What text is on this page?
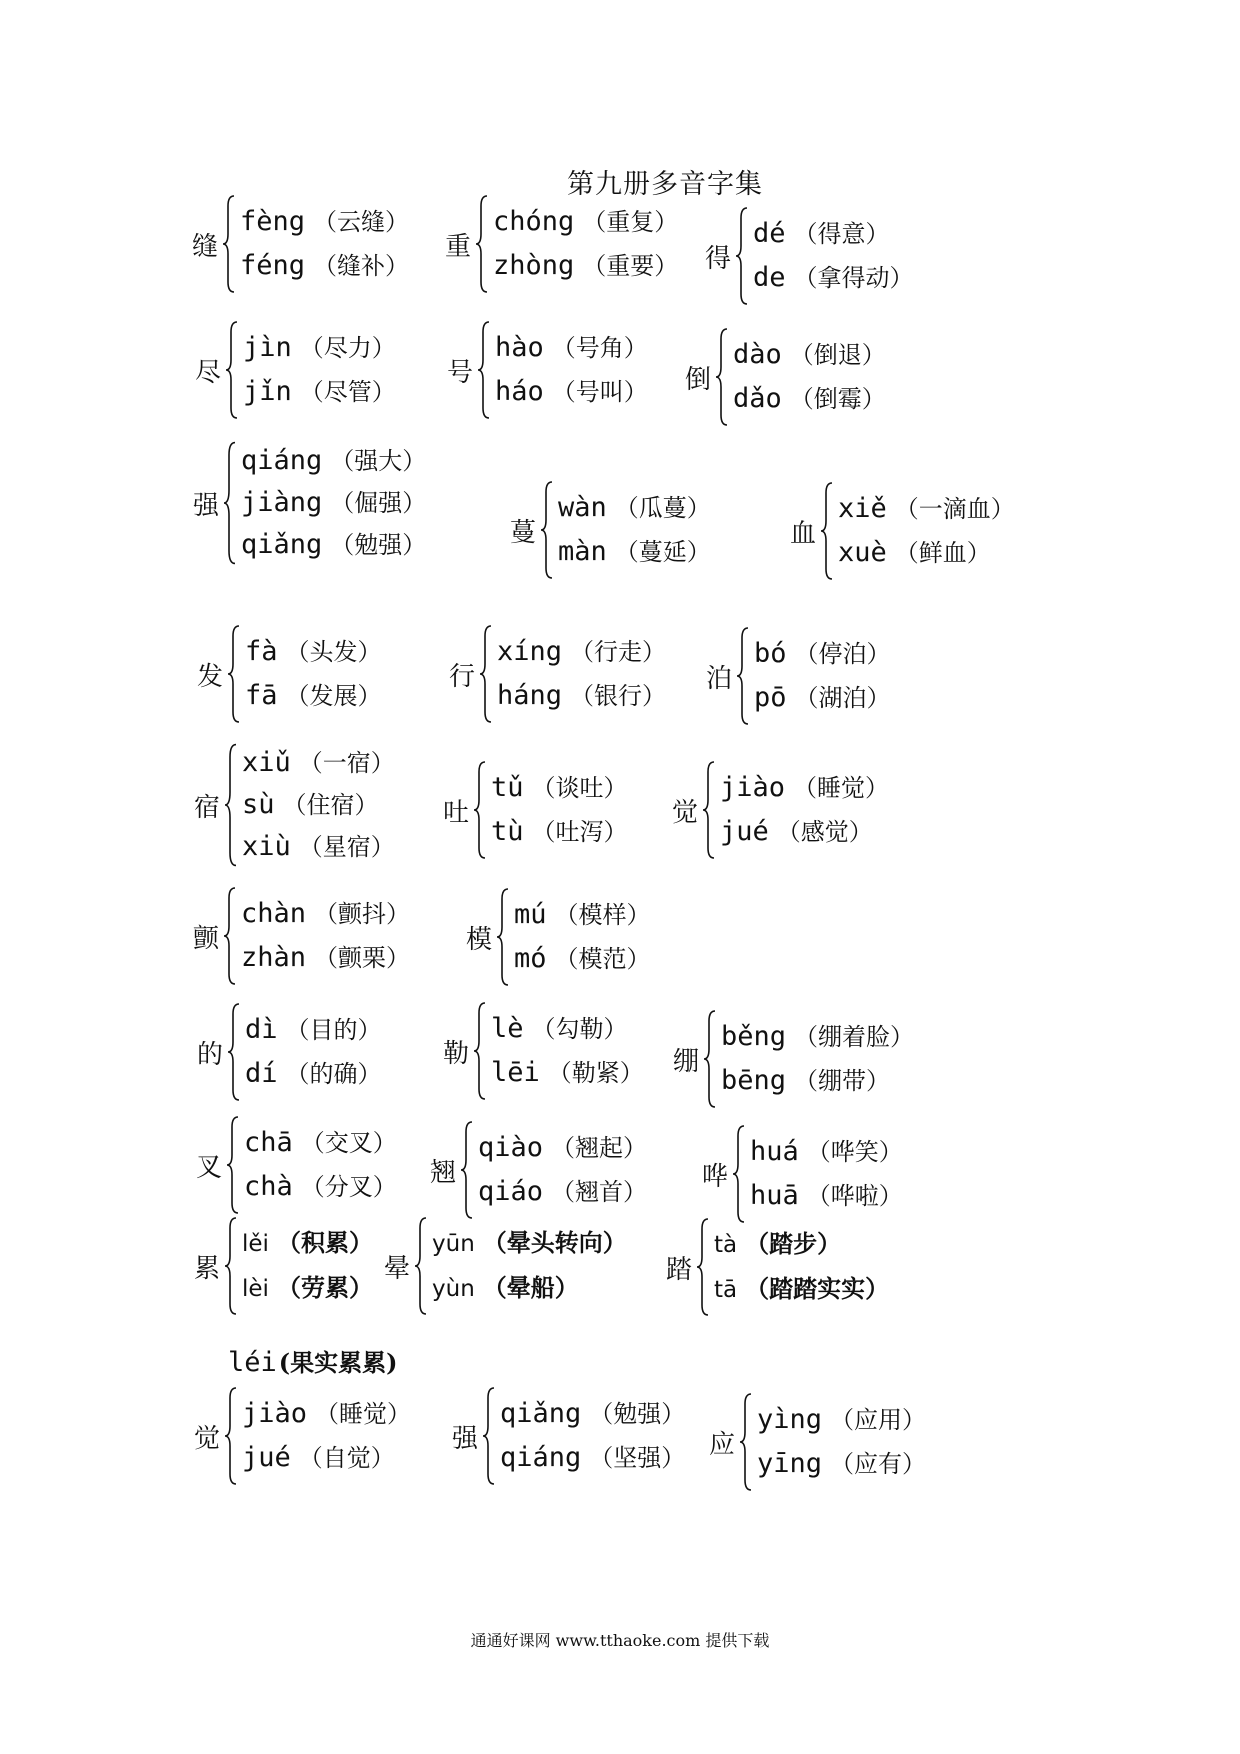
第九册多音字集
缝
fèng （云缝）
féng （缝补）
重
chóng （重复）
zhòng （重要） 得
dé （得意）
de （拿得动）
尽
jìn （尽力）
jǐn （尽管）
号
hào （号角）
háo （号叫） 倒
dào （倒退）
dǎo （倒霉）
强
qiáng （强大）
jiàng （倔强）
qiǎng （勉强）	蔓
wàn （瓜蔓）
màn （蔓延）
血
xiě （一滴血）
xuè （鲜血）
发
fà （头发）
fā （发展）
行
xíng （行走）
háng （银行）
泊
bó （停泊）
pō （湖泊）
宿
xiǔ （一宿）
sù （住宿）
xiù （星宿）
吐
tǔ （谈吐）
tù （吐泻）
觉
jiào （睡觉）
jué （感觉）
颤
chàn （颤抖）
zhàn （颤栗）
模
mú （模样）
mó （模范）
的
dì （目的）
dí （的确）
勒
lè （勾勒）
lēi （勒紧） 绷
běng （绷着脸）
bēng （绷带）
叉
chā （交叉）
chà （分叉） 翘
qiào （翘起）
qiáo （翘首）
哗
huá （哗笑）
huā （哗啦）
累
lěi （积累）
lèi （劳累）
晕
yūn （晕头转向）
yùn （晕船）
踏
tà （踏步）
tā （踏踏实实）
觉
jiào （睡觉）
jué （自觉）
强
qiǎng （勉强）
qiáng （坚强） 应
yìng （应用）
yīng （应有）
léi(果实累累)
通通好课网 www.tthaoke.com 提供下载
